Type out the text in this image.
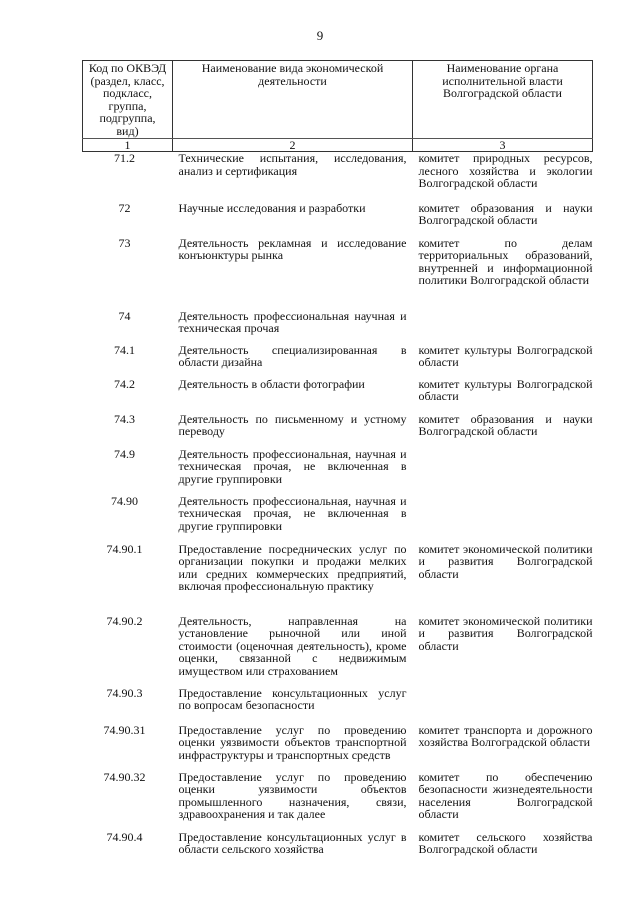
9
Код по ОКВЭД (раздел, класс, подкласс, группа, подгруппа, вид)	Наименование вида экономической деятельности	Наименование органа исполнительной власти Волгоградской области
1	2	3
71.2	Технические испытания, исследования, анализ и сертификация	комитет природных ресурсов, лесного хозяйства и экологии Волгоградской области
72	Научные исследования и разработки	комитет образования и науки Волгоградской области
73	Деятельность рекламная и исследование конъюнктуры рынка	комитет по делам территориальных образований, внутренней и информационной политики Волгоградской области
74	Деятельность профессиональная научная и техническая прочая	
74.1	Деятельность специализированная в области дизайна	комитет культуры Волгоградской области
74.2	Деятельность в области фотографии	комитет культуры Волгоградской области
74.3	Деятельность по письменному и устному переводу	комитет образования и науки Волгоградской области
74.9	Деятельность профессиональная, научная и техническая прочая, не включенная в другие группировки	
74.90	Деятельность профессиональная, научная и техническая прочая, не включенная в другие группировки	
74.90.1	Предоставление посреднических услуг по организации покупки и продажи мелких или средних коммерческих предприятий, включая профессиональную практику	комитет экономической политики и развития Волгоградской области
74.90.2	Деятельность, направленная на установление рыночной или иной стоимости (оценочная деятельность), кроме оценки, связанной с недвижимым имуществом или страхованием	комитет экономической политики и развития Волгоградской области
74.90.3	Предоставление консультационных услуг по вопросам безопасности	
74.90.31	Предоставление услуг по проведению оценки уязвимости объектов транспортной инфраструктуры и транспортных средств	комитет транспорта и дорожного хозяйства Волгоградской области
74.90.32	Предоставление услуг по проведению оценки уязвимости объектов промышленного назначения, связи, здравоохранения и так далее	комитет по обеспечению безопасности жизнедеятельности населения Волгоградской области
74.90.4	Предоставление консультационных услуг в области сельского хозяйства	комитет сельского хозяйства Волгоградской области
